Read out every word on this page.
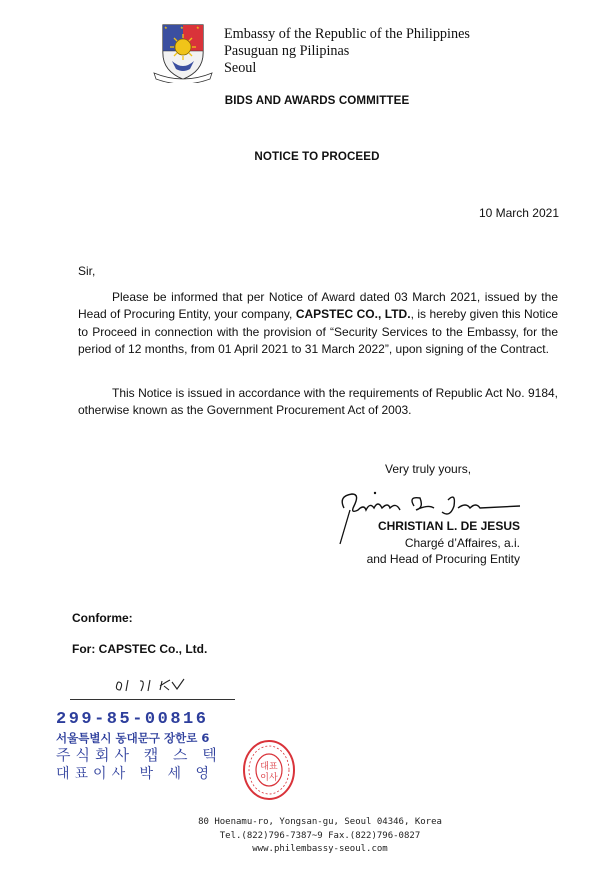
★	★	★ Embassy of the Republic of the Philippines
Pasuguan ng Pilipinas
Seoul
BIDS AND AWARDS COMMITTEE
NOTICE TO PROCEED
10 March 2021
Sir,
Please be informed that per Notice of Award dated 03 March 2021, issued by the Head of Procuring Entity, your company, CAPSTEC CO., LTD., is hereby given this Notice to Proceed in connection with the provision of “Security Services to the Embassy, for the period of 12 months, from 01 April 2021 to 31 March 2022”, upon signing of the Contract.
This Notice is issued in accordance with the requirements of Republic Act No. 9184, otherwise known as the Government Procurement Act of 2003.
Very truly yours,
CHRISTIAN L. DE JESUS
Chargé d’Affaires, a.i.
and Head of Procuring Entity
Conforme:
For: CAPSTEC Co., Ltd.
299-85-00816
서울특별시 동대문구 장한로 6
주식회사 캡 스 텍
대표이사 박 세 영	대표
이사
80 Hoenamu-ro, Yongsan-gu, Seoul 04346, Korea
Tel.(822)796-7387~9 Fax.(822)796-0827
www.philembassy-seoul.com
